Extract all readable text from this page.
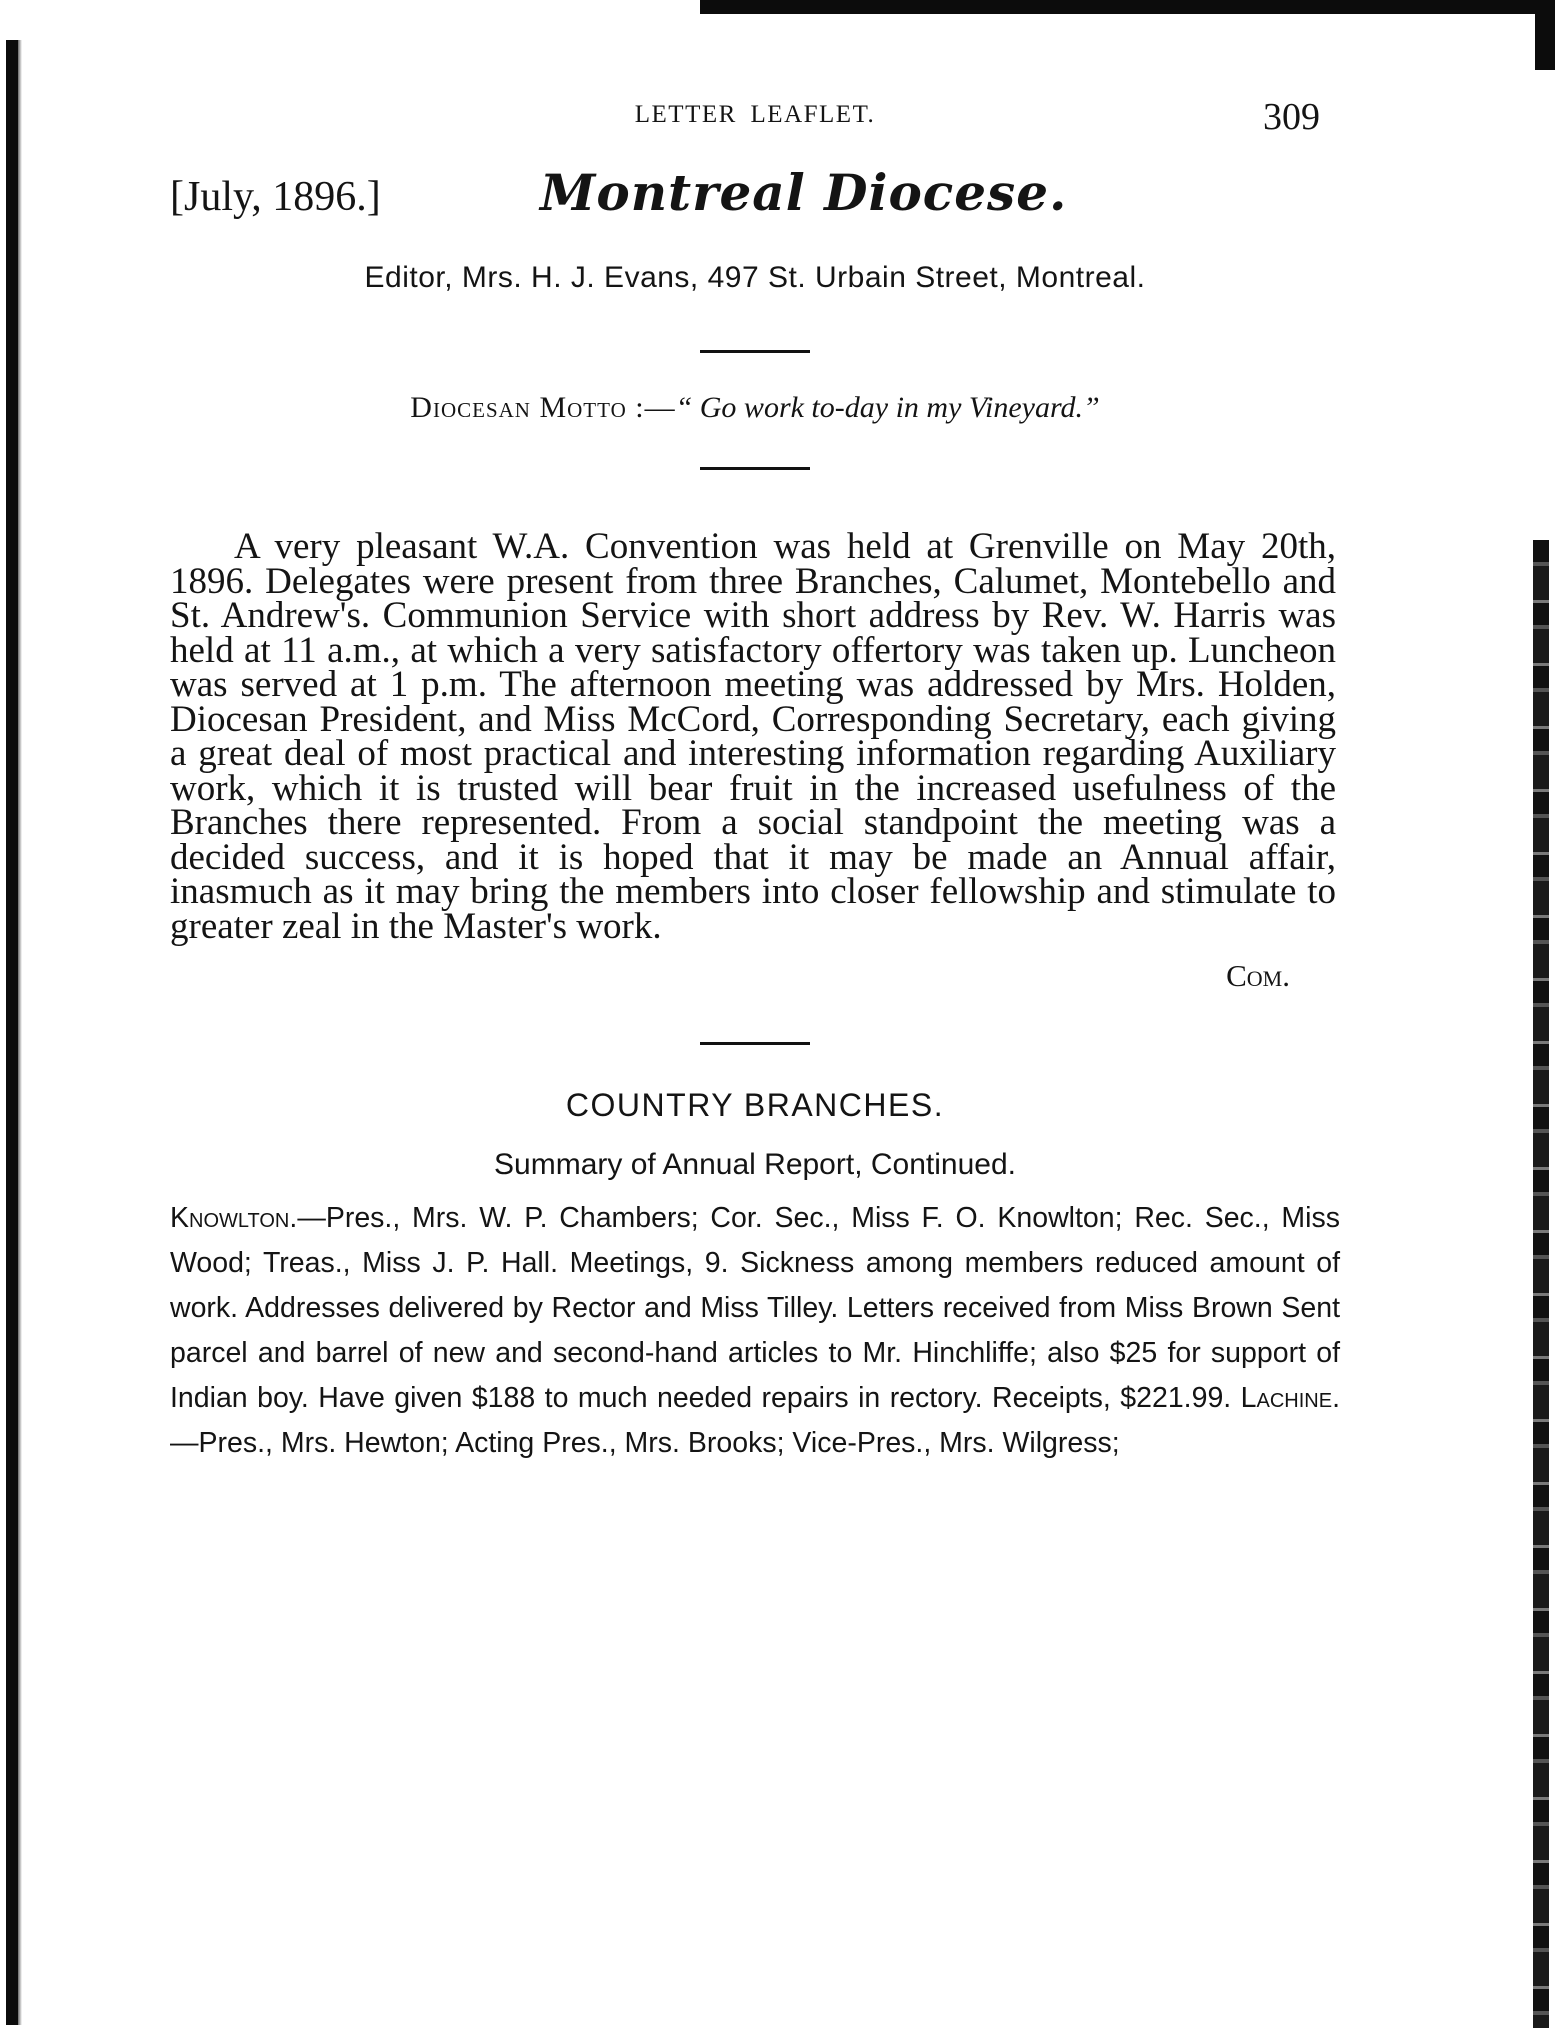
LETTER LEAFLET.	309
[July, 1896.]	Montreal Diocese.
Editor, Mrs. H. J. Evans, 497 St. Urbain Street, Montreal.

Diocesan Motto :—“ Go work to-day in my Vineyard.”

A very pleasant W.A. Convention was held at Grenville on May 20th, 1896. Delegates were present from three Branches, Calumet, Montebello and St. Andrew's. Communion Service with short address by Rev. W. Harris was held at 11 a.m., at which a very satisfactory offertory was taken up. Luncheon was served at 1 p.m. The afternoon meeting was addressed by Mrs. Holden, Diocesan President, and Miss McCord, Corresponding Secretary, each giving a great deal of most practical and interesting information regarding Auxiliary work, which it is trusted will bear fruit in the increased usefulness of the Branches there represented. From a social standpoint the meeting was a decided success, and it is hoped that it may be made an Annual affair, inasmuch as it may bring the members into closer fellowship and stimulate to greater zeal in the Master's work.

Com.
COUNTRY BRANCHES.
Summary of Annual Report, Continued.

Knowlton.—Pres., Mrs. W. P. Chambers; Cor. Sec., Miss F. O. Knowlton; Rec. Sec., Miss Wood; Treas., Miss J. P. Hall. Meetings, 9. Sickness among members reduced amount of work. Addresses delivered by Rector and Miss Tilley. Letters received from Miss Brown Sent parcel and barrel of new and second-hand articles to Mr. Hinchliffe; also $25 for support of Indian boy. Have given $188 to much needed repairs in rectory. Receipts, $221.99. Lachine.—Pres., Mrs. Hewton; Acting Pres., Mrs. Brooks; Vice-Pres., Mrs. Wilgress;
